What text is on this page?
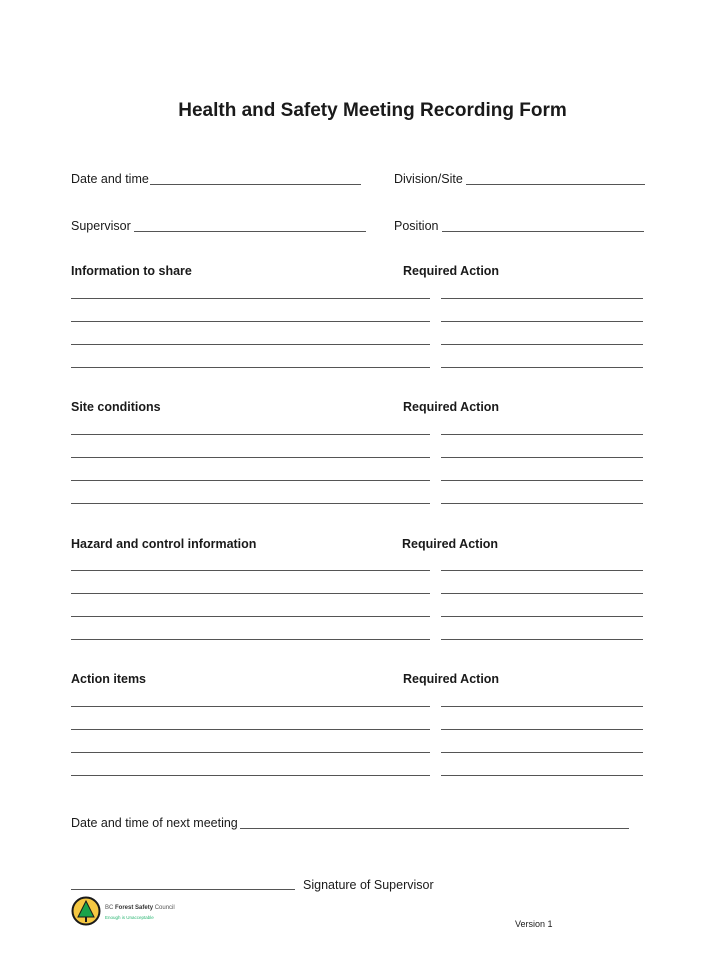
Health and Safety Meeting Recording Form
Date and time	Division/Site
Supervisor	Position
Information to share	Required Action
Site conditions	Required Action
Hazard and control information	Required Action
Action items	Required Action
Date and time of next meeting
Signature of Supervisor
BC Forest Safety Council
Enough is Unacceptable
Version 1
